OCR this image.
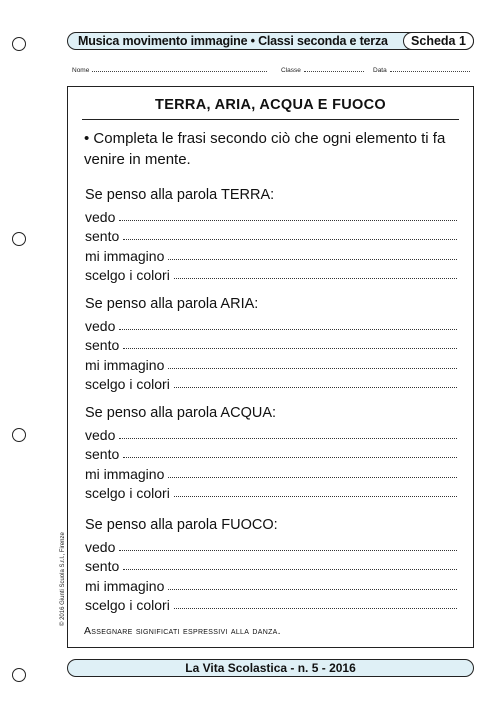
Musica movimento immagine • Classi seconda e terza	Scheda 1
Nome	Classe	Data
TERRA, ARIA, ACQUA E FUOCO
• Completa le frasi secondo ciò che ogni elemento ti fa venire in mente.
Se penso alla parola TERRA:
vedo
sento
mi immagino
scelgo i colori
Se penso alla parola ARIA:
vedo
sento
mi immagino
scelgo i colori
Se penso alla parola ACQUA:
vedo
sento
mi immagino
scelgo i colori
Se penso alla parola FUOCO:
vedo
sento
mi immagino
scelgo i colori
Assegnare significati espressivi alla danza.
La Vita Scolastica - n. 5 - 2016
© 2016 Giunti Scuola S.r.l., Firenze
